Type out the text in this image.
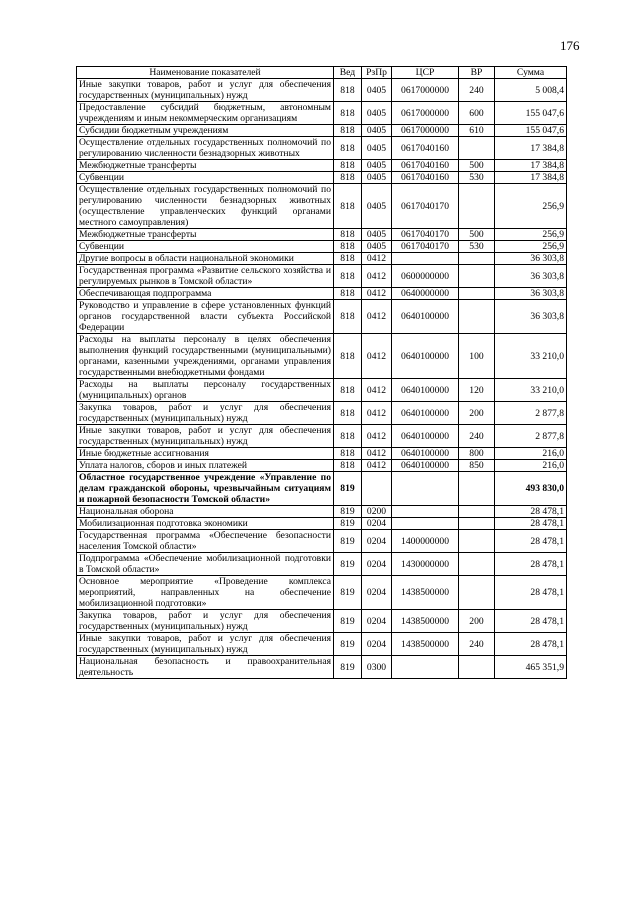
176
Наименование показателей	Вед	РзПр	ЦСР	ВР	Сумма
Иные закупки товаров, работ и услуг для обеспечения государственных (муниципальных) нужд	818	0405	0617000000	240	5 008,4
Предоставление субсидий бюджетным, автономным учреждениям и иным некоммерческим организациям	818	0405	0617000000	600	155 047,6
Субсидии бюджетным учреждениям	818	0405	0617000000	610	155 047,6
Осуществление отдельных государственных полномочий по регулированию численности безнадзорных животных	818	0405	0617040160		17 384,8
Межбюджетные трансферты	818	0405	0617040160	500	17 384,8
Субвенции	818	0405	0617040160	530	17 384,8
Осуществление отдельных государственных полномочий по регулированию численности безнадзорных животных (осуществление управленческих функций органами местного самоуправления)	818	0405	0617040170		256,9
Межбюджетные трансферты	818	0405	0617040170	500	256,9
Субвенции	818	0405	0617040170	530	256,9
Другие вопросы в области национальной экономики	818	0412			36 303,8
Государственная программа «Развитие сельского хозяйства и регулируемых рынков в Томской области»	818	0412	0600000000		36 303,8
Обеспечивающая подпрограмма	818	0412	0640000000		36 303,8
Руководство и управление в сфере установленных функций органов государственной власти субъекта Российской Федерации	818	0412	0640100000		36 303,8
Расходы на выплаты персоналу в целях обеспечения выполнения функций государственными (муниципальными) органами, казенными учреждениями, органами управления государственными внебюджетными фондами	818	0412	0640100000	100	33 210,0
Расходы на выплаты персоналу государственных (муниципальных) органов	818	0412	0640100000	120	33 210,0
Закупка товаров, работ и услуг для обеспечения государственных (муниципальных) нужд	818	0412	0640100000	200	2 877,8
Иные закупки товаров, работ и услуг для обеспечения государственных (муниципальных) нужд	818	0412	0640100000	240	2 877,8
Иные бюджетные ассигнования	818	0412	0640100000	800	216,0
Уплата налогов, сборов и иных платежей	818	0412	0640100000	850	216,0
Областное государственное учреждение «Управление по делам гражданской обороны, чрезвычайным ситуациям и пожарной безопасности Томской области»	819				493 830,0
Национальная оборона	819	0200			28 478,1
Мобилизационная подготовка экономики	819	0204			28 478,1
Государственная программа «Обеспечение безопасности населения Томской области»	819	0204	1400000000		28 478,1
Подпрограмма «Обеспечение мобилизационной подготовки в Томской области»	819	0204	1430000000		28 478,1
Основное мероприятие «Проведение комплекса мероприятий, направленных на обеспечение мобилизационной подготовки»	819	0204	1438500000		28 478,1
Закупка товаров, работ и услуг для обеспечения государственных (муниципальных) нужд	819	0204	1438500000	200	28 478,1
Иные закупки товаров, работ и услуг для обеспечения государственных (муниципальных) нужд	819	0204	1438500000	240	28 478,1
Национальная безопасность и правоохранительная деятельность	819	0300			465 351,9
